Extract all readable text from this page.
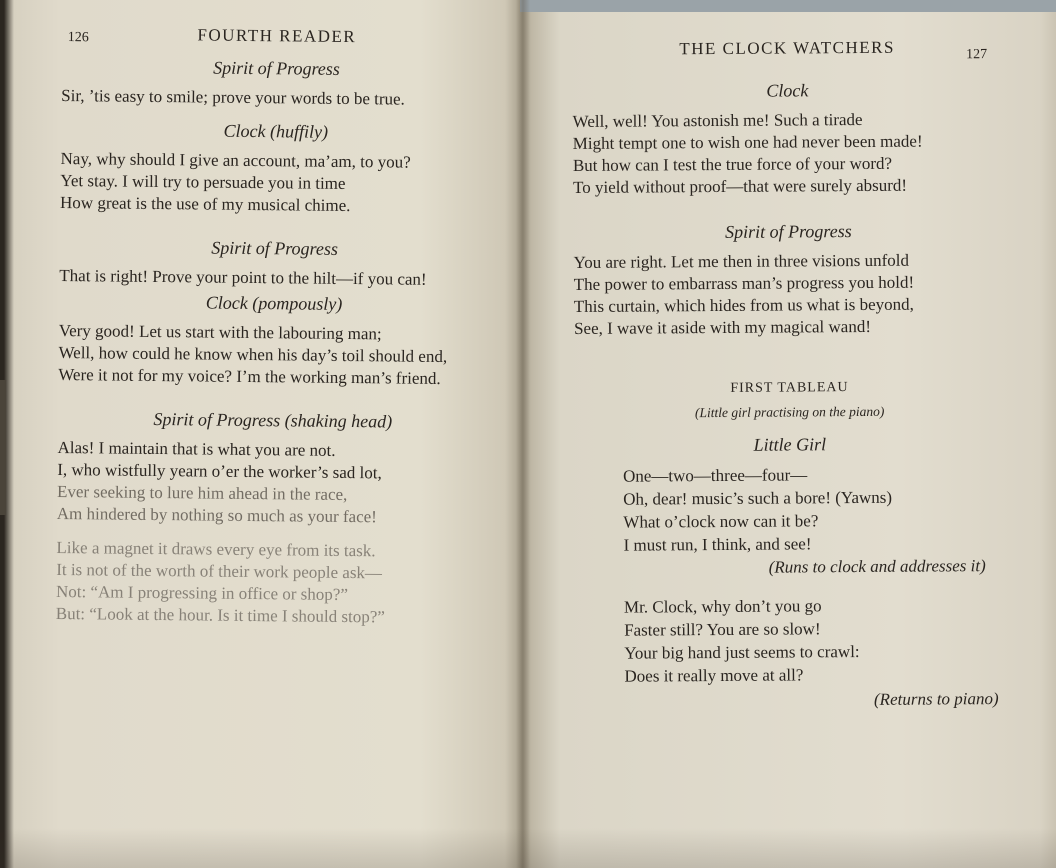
126	FOURTH READER
Spirit of Progress
Sir, ’tis easy to smile; prove your words to be true.
Clock (huffily)
Nay, why should I give an account, ma’am, to you?
Yet stay. I will try to persuade you in time
How great is the use of my musical chime.
Spirit of Progress
That is right! Prove your point to the hilt—if you can!
Clock (pompously)
Very good! Let us start with the labouring man;
Well, how could he know when his day’s toil should end,
Were it not for my voice? I’m the working man’s friend.
Spirit of Progress (shaking head)
Alas! I maintain that is what you are not.
I, who wistfully yearn o’er the worker’s sad lot,
Ever seeking to lure him ahead in the race,
Am hindered by nothing so much as your face!
Like a magnet it draws every eye from its task.
It is not of the worth of their work people ask—
Not: “Am I progressing in office or shop?”
But: “Look at the hour. Is it time I should stop?”
THE CLOCK WATCHERS	127
Clock
Well, well! You astonish me! Such a tirade
Might tempt one to wish one had never been made!
But how can I test the true force of your word?
To yield without proof—that were surely absurd!
Spirit of Progress
You are right. Let me then in three visions unfold
The power to embarrass man’s progress you hold!
This curtain, which hides from us what is beyond,
See, I wave it aside with my magical wand!
FIRST TABLEAU
(Little girl practising on the piano)
Little Girl
One—two—three—four—
Oh, dear! music’s such a bore! (Yawns)
What o’clock now can it be?
I must run, I think, and see!
(Runs to clock and addresses it)
Mr. Clock, why don’t you go
Faster still? You are so slow!
Your big hand just seems to crawl:
Does it really move at all?
(Returns to piano)
